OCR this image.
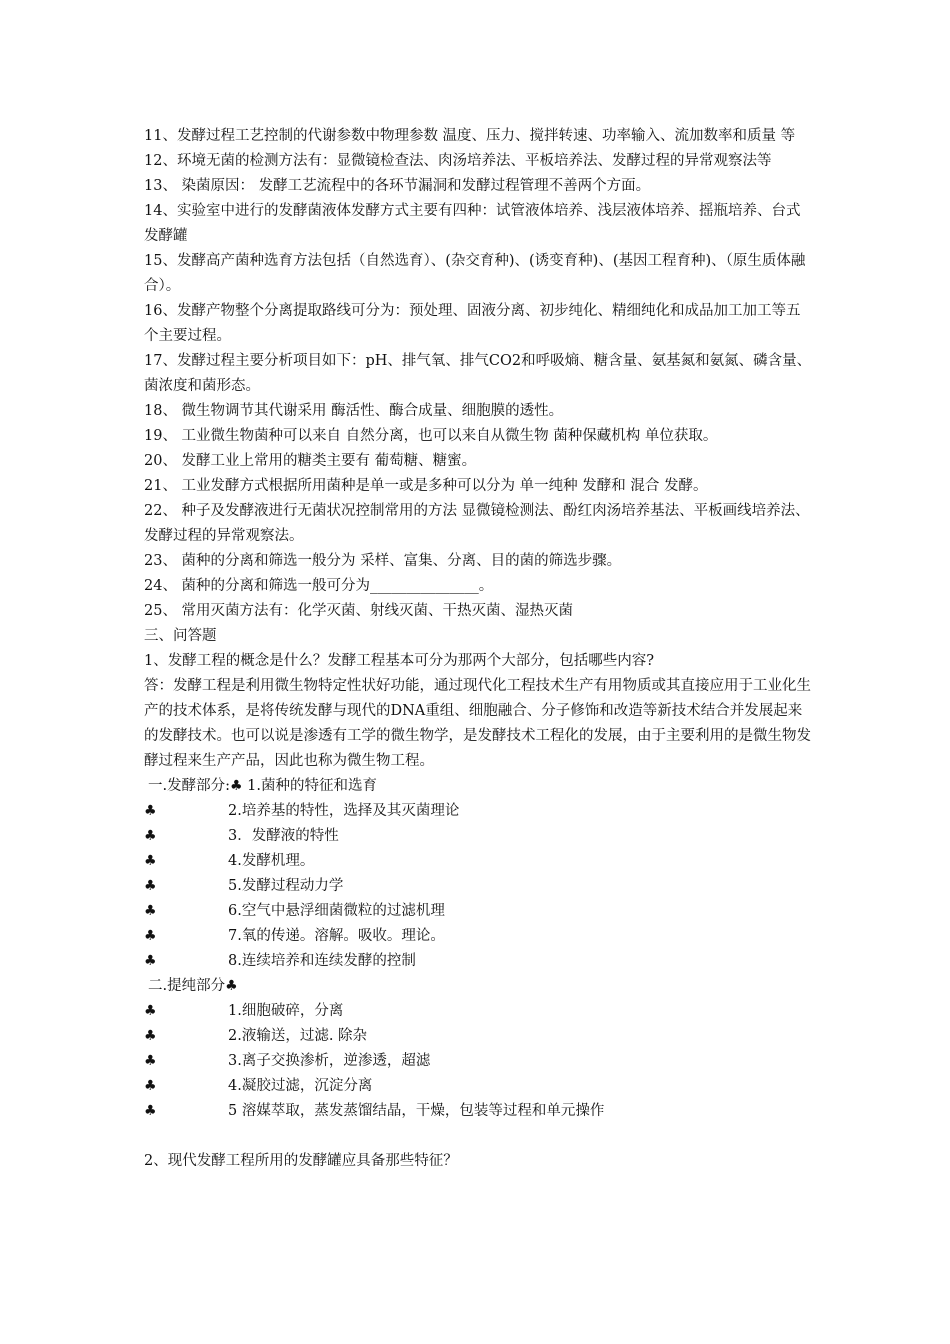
11、发酵过程工艺控制的代谢参数中物理参数 温度、压力、搅拌转速、功率输入、流加数率和质量 等

12、环境无菌的检测方法有：显微镜检查法、肉汤培养法、平板培养法、发酵过程的异常观察法等

13、 染菌原因： 发酵工艺流程中的各环节漏洞和发酵过程管理不善两个方面。

14、实验室中进行的发酵菌液体发酵方式主要有四种：试管液体培养、浅层液体培养、摇瓶培养、台式发酵罐

15、发酵高产菌种选育方法包括（自然选育）、(杂交育种)、(诱变育种)、(基因工程育种)、（原生质体融合）。

16、发酵产物整个分离提取路线可分为：预处理、固液分离、初步纯化、精细纯化和成品加工加工等五个主要过程。

17、发酵过程主要分析项目如下：pH、排气氧、排气CO2和呼吸熵、糖含量、氨基氮和氨氮、磷含量、菌浓度和菌形态。

18、 微生物调节其代谢采用 酶活性、酶合成量、细胞膜的透性。

19、 工业微生物菌种可以来自 自然分离，也可以来自从微生物 菌种保藏机构 单位获取。

20、 发酵工业上常用的糖类主要有 葡萄糖、糖蜜。

21、 工业发酵方式根据所用菌种是单一或是多种可以分为 单一纯种 发酵和 混合 发酵。

22、 种子及发酵液进行无菌状况控制常用的方法 显微镜检测法、酚红肉汤培养基法、平板画线培养法、发酵过程的异常观察法。

23、 菌种的分离和筛选一般分为 采样、富集、分离、目的菌的筛选步骤。

24、 菌种的分离和筛选一般可分为_______________。

25、 常用灭菌方法有：化学灭菌、射线灭菌、干热灭菌、湿热灭菌

三、问答题

1、发酵工程的概念是什么？发酵工程基本可分为那两个大部分，包括哪些内容?

答：发酵工程是利用微生物特定性状好功能，通过现代化工程技术生产有用物质或其直接应用于工业化生产的技术体系，是将传统发酵与现代的DNA重组、细胞融合、分子修饰和改造等新技术结合并发展起来的发酵技术。也可以说是渗透有工学的微生物学，是发酵技术工程化的发展，由于主要利用的是微生物发酵过程来生产产品，因此也称为微生物工程。

一.发酵部分:♣ 1.菌种的特征和选育
♣	2.培养基的特性，选择及其灭菌理论
♣	3．发酵液的特性
♣	4.发酵机理。
♣	5.发酵过程动力学
♣	6.空气中悬浮细菌微粒的过滤机理
♣	7.氧的传递。溶解。吸收。理论。
♣	8.连续培养和连续发酵的控制
二.提纯部分♣
♣	1.细胞破碎，分离
♣	2.液输送，过滤. 除杂
♣	3.离子交换渗析，逆渗透，超滤
♣	4.凝胶过滤，沉淀分离
♣	5 溶媒萃取，蒸发蒸馏结晶，干燥，包装等过程和单元操作

2、现代发酵工程所用的发酵罐应具备那些特征？
